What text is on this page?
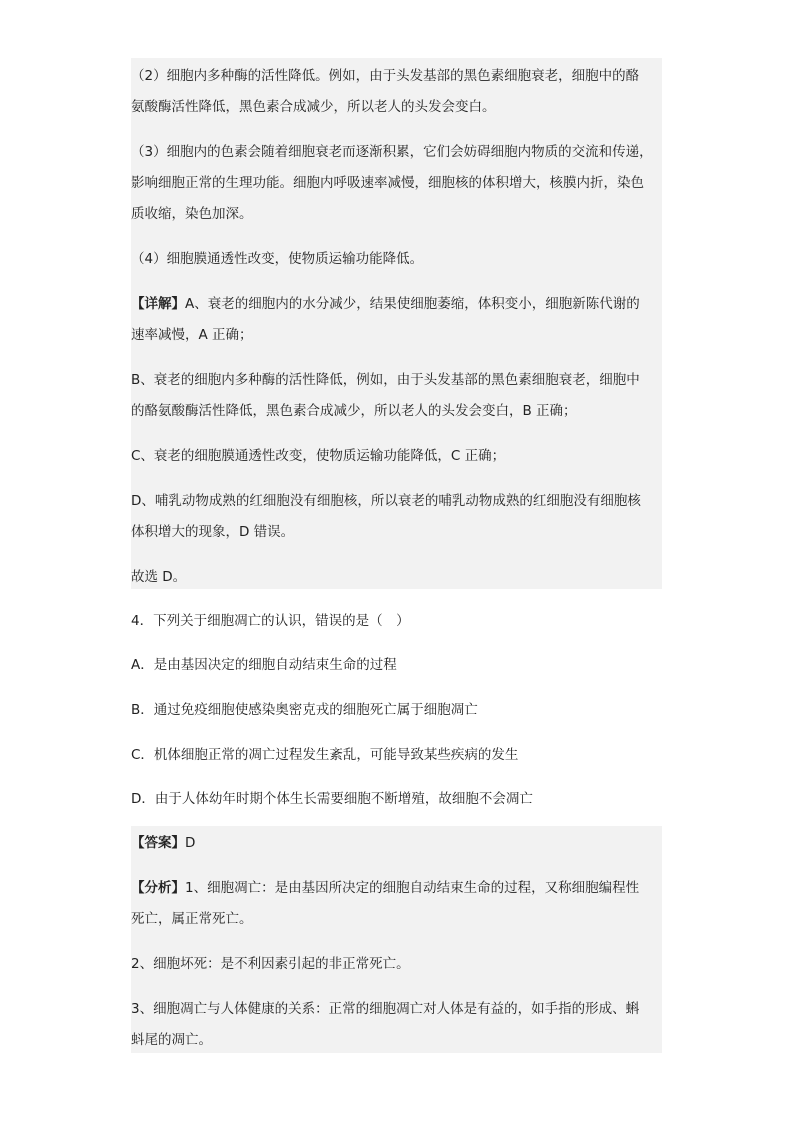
（2）细胞内多种酶的活性降低。例如，由于头发基部的黑色素细胞衰老，细胞中的酪
氨酸酶活性降低，黑色素合成减少，所以老人的头发会变白。
（3）细胞内的色素会随着细胞衰老而逐渐积累，它们会妨碍细胞内物质的交流和传递，
影响细胞正常的生理功能。细胞内呼吸速率减慢，细胞核的体积增大，核膜内折，染色
质收缩，染色加深。
（4）细胞膜通透性改变，使物质运输功能降低。
【详解】A、衰老的细胞内的水分减少，结果使细胞萎缩，体积变小，细胞新陈代谢的
速率减慢，A 正确；
B、衰老的细胞内多种酶的活性降低，例如，由于头发基部的黑色素细胞衰老，细胞中
的酪氨酸酶活性降低，黑色素合成减少，所以老人的头发会变白，B 正确；
C、衰老的细胞膜通透性改变，使物质运输功能降低，C 正确；
D、哺乳动物成熟的红细胞没有细胞核，所以衰老的哺乳动物成熟的红细胞没有细胞核
体积增大的现象，D 错误。
故选 D。
4．下列关于细胞凋亡的认识，错误的是（　）
A．是由基因决定的细胞自动结束生命的过程
B．通过免疫细胞使感染奥密克戎的细胞死亡属于细胞凋亡
C．机体细胞正常的凋亡过程发生紊乱，可能导致某些疾病的发生
D．由于人体幼年时期个体生长需要细胞不断增殖，故细胞不会凋亡
【答案】D
【分析】1、细胞凋亡：是由基因所决定的细胞自动结束生命的过程，又称细胞编程性
死亡，属正常死亡。
2、细胞坏死：是不利因素引起的非正常死亡。
3、细胞凋亡与人体健康的关系：正常的细胞凋亡对人体是有益的，如手指的形成、蝌
蚪尾的凋亡。
